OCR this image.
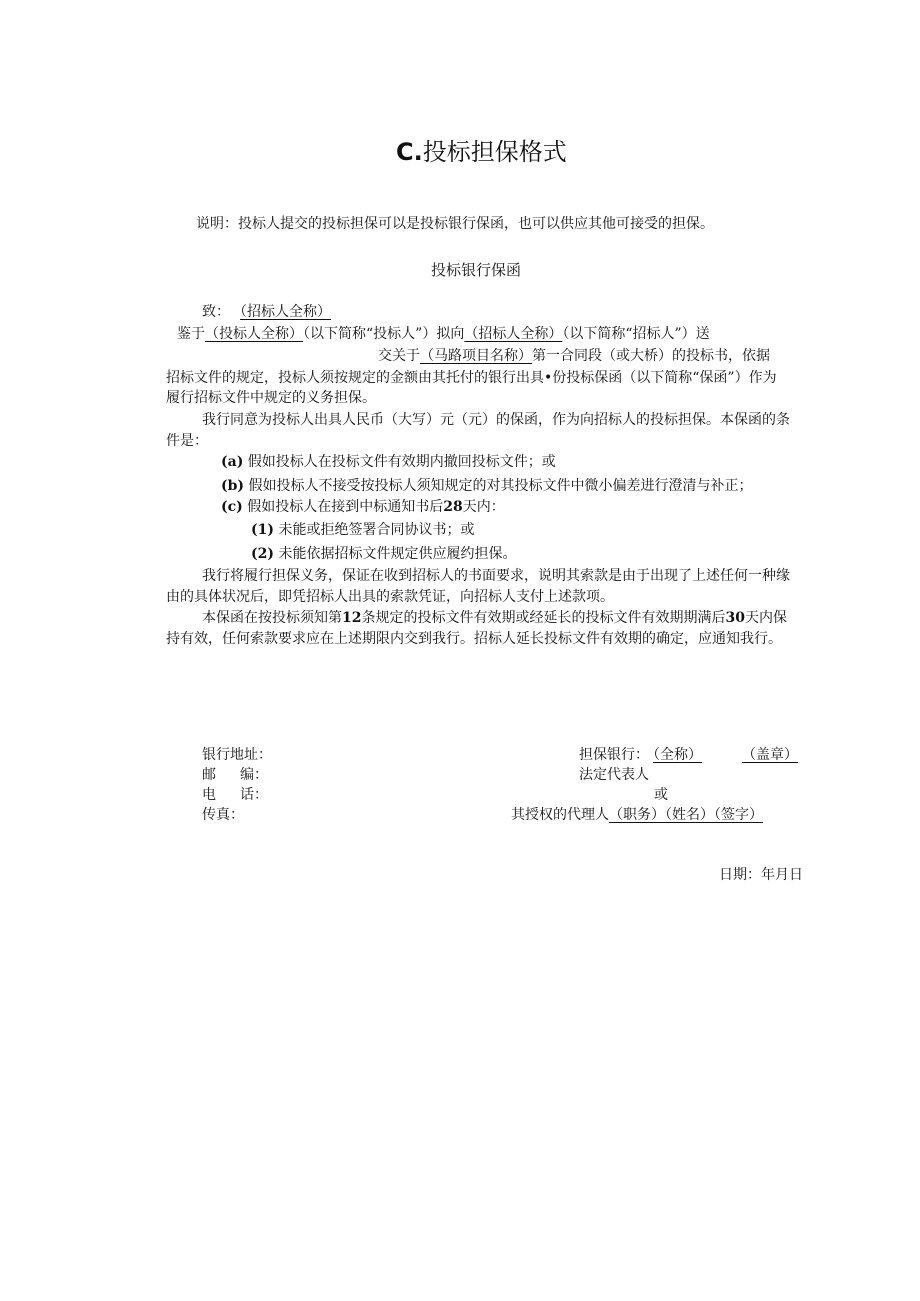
C.投标担保格式
说明：投标人提交的投标担保可以是投标银行保函，也可以供应其他可接受的担保。
投标银行保函
致： （招标人全称）
鉴于（投标人全称）（以下简称“投标人”）拟向（招标人全称）（以下简称“招标人”）送
交关于（马路项目名称）第一合同段（或大桥）的投标书，依据
招标文件的规定，投标人须按规定的金额由其托付的银行出具•份投标保函（以下简称“保函”）作为
履行招标文件中规定的义务担保。
我行同意为投标人出具人民币（大写）元（元）的保函，作为向招标人的投标担保。本保函的条
件是：
(a) 假如投标人在投标文件有效期内撤回投标文件；或
(b) 假如投标人不接受按投标人须知规定的对其投标文件中微小偏差进行澄清与补正；
(c) 假如投标人在接到中标通知书后28天内：
(1) 未能或拒绝签署合同协议书；或
(2) 未能依据招标文件规定供应履约担保。
我行将履行担保义务，保证在收到招标人的书面要求，说明其索款是由于出现了上述任何一种缘
由的具体状况后，即凭招标人出具的索款凭证，向招标人支付上述款项。
本保函在按投标须知第12条规定的投标文件有效期或经延长的投标文件有效期期满后30天内保
持有效，任何索款要求应在上述期限内交到我行。招标人延长投标文件有效期的确定，应通知我行。
银行地址：
邮 编：
电 话：
传真：
担保银行： （全称）	（盖章）
法定代表人
或
其授权的代理人（职务）（姓名）（签字）
日期：年月日
